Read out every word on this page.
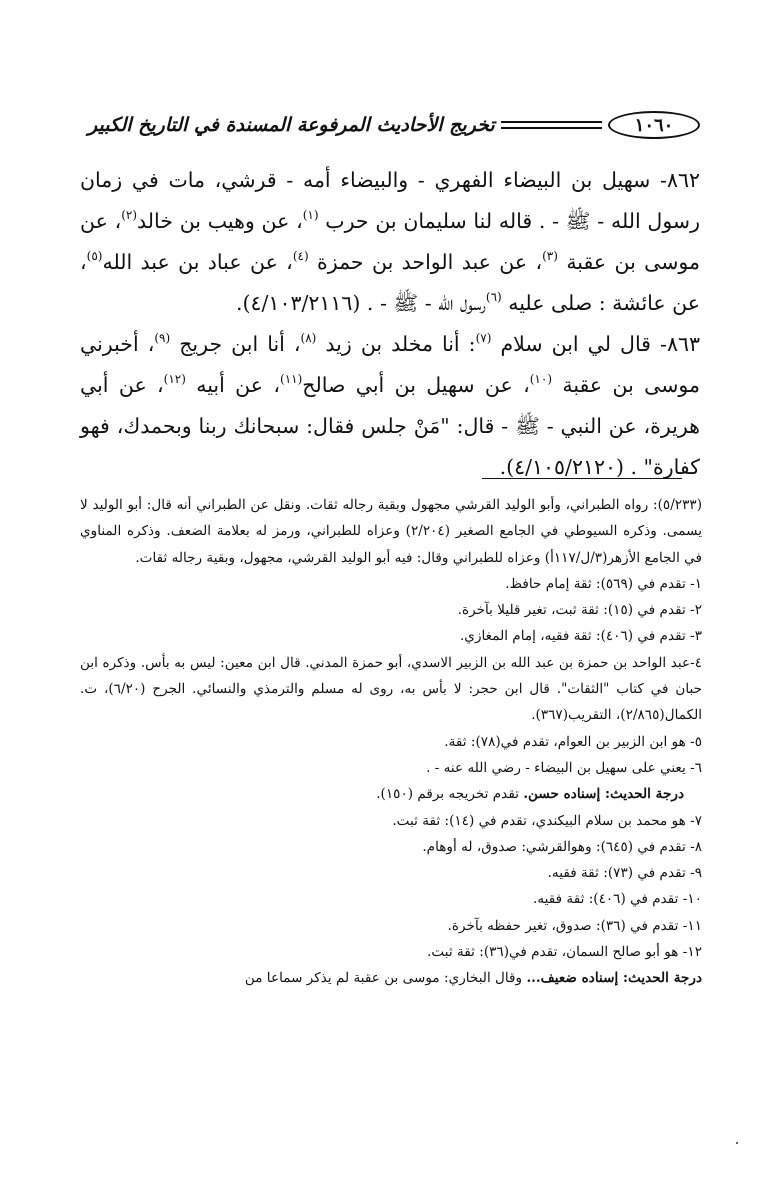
١٠٦٠
تخريج الأحاديث المرفوعة المسندة في التاريخ الكبير

٨٦٢- سهيل بن البيضاء الفهري - والبيضاء أمه - قرشي، مات في زمان رسول الله - ﷺ - . قاله لنا سليمان بن حرب $^{(١)}$، عن وهيب بن خالد$^{(٢)}$، عن موسى بن عقبة $^{(٣)}$، عن عبد الواحد بن حمزة $^{(٤)}$، عن عباد بن عبد الله$^{(٥)}$، عن عائشة : صلى عليه $^{(٦)}$رسول الله - ﷺ - . (٤/١٠٣/٢١١٦).

٨٦٣- قال لي ابن سلام $^{(٧)}$: أنا مخلد بن زيد $^{(٨)}$، أنا ابن جريج $^{(٩)}$، أخبرني موسى بن عقبة $^{(١٠)}$، عن سهيل بن أبي صالح$^{(١١)}$، عن أبيه $^{(١٢)}$، عن أبي هريرة، عن النبي - ﷺ - قال: "مَنْ جلس فقال: سبحانك ربنا وبحمدك، فهو كفارة" . (٤/١٠٥/٢١٢٠).

(٥/٢٣٣): رواه الطبراني، وأبو الوليد القرشي مجهول وبقية رجاله ثقات. ونقل عن الطبراني أنه قال: أبو الوليد لا يسمى. وذكره السيوطي في الجامع الصغير (٢/٢٠٤) وعزاه للطبراني، ورمز له بعلامة الضعف. وذكره المناوي في الجامع الأزهر(٣/ل/١١٧أ) وعزاه للطبراني وقال: فيه أبو الوليد القرشي، مجهول، وبقية رجاله ثقات.

١- تقدم في (٥٦٩): ثقة إمام حافظ.

٢- تقدم في (١٥): ثقة ثبت، تغير قليلا بآخرة.

٣- تقدم في (٤٠٦): ثقة فقيه، إمام المغازي.

٤-عبد الواحد بن حمزة بن عبد الله بن الزبير الاسدي، أبو حمزة المدني. قال ابن معين: ليس به بأس. وذكره ابن حبان في كتاب "الثقات". قال ابن حجر: لا بأس به، روى له مسلم والترمذي والنسائي. الجرح (٦/٢٠)، ت. الكمال(٢/٨٦٥)، التقريب(٣٦٧).

٥- هو ابن الزبير بن العوام، تقدم في(٧٨): ثقة.

٦- يعني على سهيل بن البيضاء - رضي الله عنه - .

درجة الحديث: إسناده حسن. تقدم تخريجه برقم (١٥٠).

٧- هو محمد بن سلام البيكندي، تقدم في (١٤): ثقة ثبت.

٨- تقدم في (٦٤٥): وهوالقرشي: صدوق، له أوهام.

٩- تقدم في (٧٣): ثقة فقيه.

١٠- تقدم في (٤٠٦): ثقة فقيه.

١١- تقدم في (٣٦): صدوق، تغير حفظه بآخرة.

١٢- هو أبو صالح السمان، تقدم في(٣٦): ثقة ثبت.

درجة الحديث: إسناده ضعيف... وقال البخاري: موسى بن عقبة لم يذكر سماعا من
